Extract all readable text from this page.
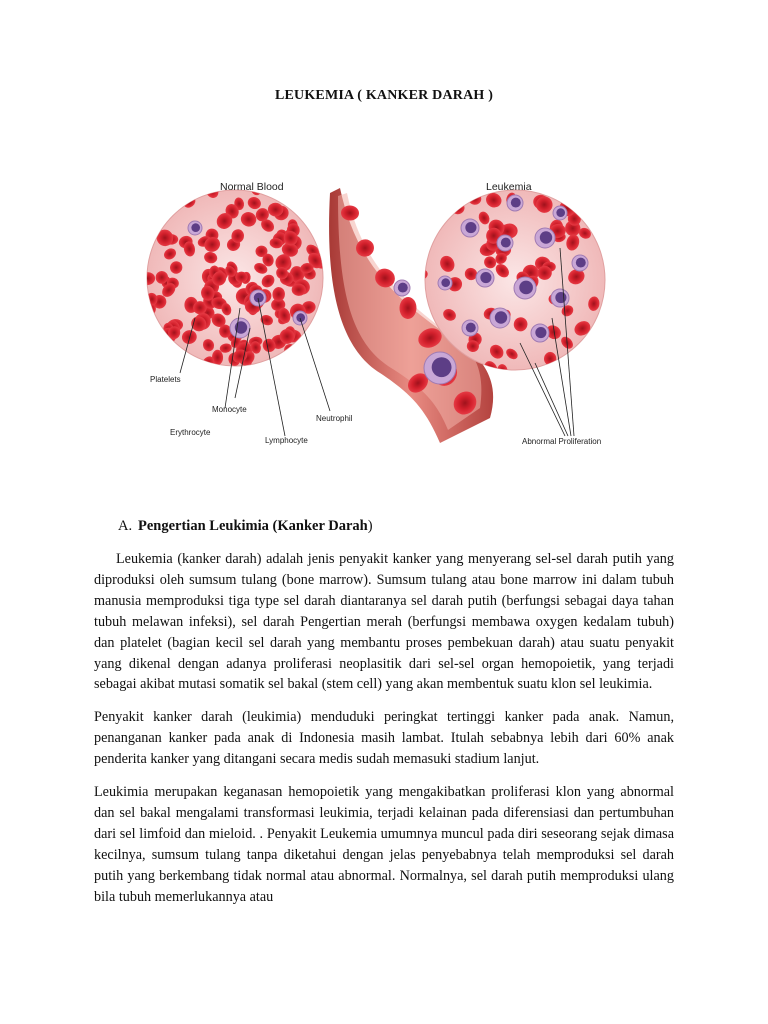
LEUKEMIA ( KANKER DARAH )
Normal Blood	Leukemia
Platelets
Monocyte
Erythrocyte
Lymphocyte
Neutrophil
Abnormal Proliferation
A. Pengertian Leukimia (Kanker Darah)

Leukemia (kanker darah) adalah jenis penyakit kanker yang menyerang sel-sel darah putih yang diproduksi oleh sumsum tulang (bone marrow). Sumsum tulang atau bone marrow ini dalam tubuh manusia memproduksi tiga type sel darah diantaranya sel darah putih (berfungsi sebagai daya tahan tubuh melawan infeksi), sel darah Pengertian merah (berfungsi membawa oxygen kedalam tubuh) dan platelet (bagian kecil sel darah yang membantu proses pembekuan darah) atau suatu penyakit yang dikenal dengan adanya proliferasi neoplasitik dari sel-sel organ hemopoietik, yang terjadi sebagai akibat mutasi somatik sel bakal (stem cell) yang akan membentuk suatu klon sel leukimia.

Penyakit kanker darah (leukimia) menduduki peringkat tertinggi kanker pada anak. Namun, penanganan kanker pada anak di Indonesia masih lambat. Itulah sebabnya lebih dari 60% anak penderita kanker yang ditangani secara medis sudah memasuki stadium lanjut.

Leukimia merupakan keganasan hemopoietik yang mengakibatkan proliferasi klon yang abnormal dan sel bakal mengalami transformasi leukimia, terjadi kelainan pada diferensiasi dan pertumbuhan dari sel limfoid dan mieloid. . Penyakit Leukemia umumnya muncul pada diri seseorang sejak dimasa kecilnya, sumsum tulang tanpa diketahui dengan jelas penyebabnya telah memproduksi sel darah putih yang berkembang tidak normal atau abnormal. Normalnya, sel darah putih memproduksi ulang bila tubuh memerlukannya atau
